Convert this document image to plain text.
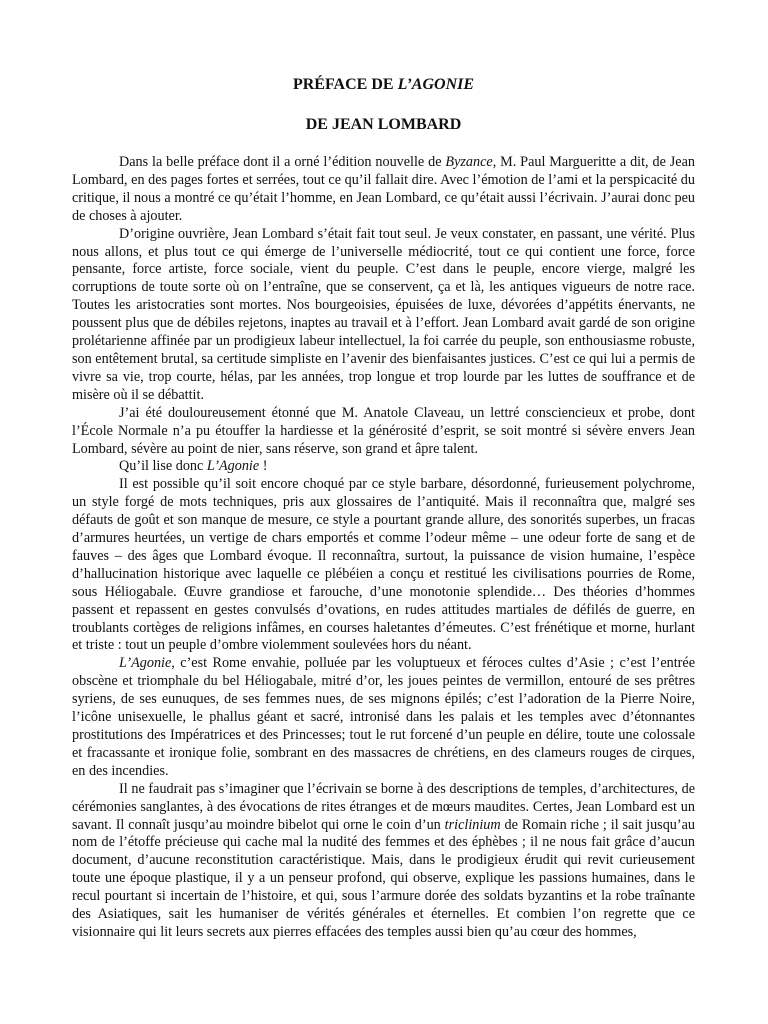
PRÉFACE DE L’AGONIE
DE JEAN LOMBARD

Dans la belle préface dont il a orné l’édition nouvelle de Byzance, M. Paul Margueritte a dit, de Jean Lombard, en des pages fortes et serrées, tout ce qu’il fallait dire. Avec l’émotion de l’ami et la perspicacité du critique, il nous a montré ce qu’était l’homme, en Jean Lombard, ce qu’était aussi l’écrivain. J’aurai donc peu de choses à ajouter.

D’origine ouvrière, Jean Lombard s’était fait tout seul. Je veux constater, en passant, une vérité. Plus nous allons, et plus tout ce qui émerge de l’universelle médiocrité, tout ce qui contient une force, force pensante, force artiste, force sociale, vient du peuple. C’est dans le peuple, encore vierge, malgré les corruptions de toute sorte où on l’entraîne, que se conservent, ça et là, les antiques vigueurs de notre race. Toutes les aristocraties sont mortes. Nos bourgeoisies, épuisées de luxe, dévorées d’appétits énervants, ne poussent plus que de débiles rejetons, inaptes au travail et à l’effort. Jean Lombard avait gardé de son origine prolétarienne affinée par un prodigieux labeur intellectuel, la foi carrée du peuple, son enthousiasme robuste, son entêtement brutal, sa certitude simpliste en l’avenir des bienfaisantes justices. C’est ce qui lui a permis de vivre sa vie, trop courte, hélas, par les années, trop longue et trop lourde par les luttes de souffrance et de misère où il se débattit.

J’ai été douloureusement étonné que M. Anatole Claveau, un lettré consciencieux et probe, dont l’École Normale n’a pu étouffer la hardiesse et la générosité d’esprit, se soit montré si sévère envers Jean Lombard, sévère au point de nier, sans réserve, son grand et âpre talent.

Qu’il lise donc L’Agonie !

Il est possible qu’il soit encore choqué par ce style barbare, désordonné, furieusement polychrome, un style forgé de mots techniques, pris aux glossaires de l’antiquité. Mais il reconnaîtra que, malgré ses défauts de goût et son manque de mesure, ce style a pourtant grande allure, des sonorités superbes, un fracas d’armures heurtées, un vertige de chars emportés et comme l’odeur même – une odeur forte de sang et de fauves – des âges que Lombard évoque. Il reconnaîtra, surtout, la puissance de vision humaine, l’espèce d’hallucination historique avec laquelle ce plébéien a conçu et restitué les civilisations pourries de Rome, sous Héliogabale. Œuvre grandiose et farouche, d’une monotonie splendide… Des théories d’hommes passent et repassent en gestes convulsés d’ovations, en rudes attitudes martiales de défilés de guerre, en troublants cortèges de religions infâmes, en courses haletantes d’émeutes. C’est frénétique et morne, hurlant et triste : tout un peuple d’ombre violemment soulevées hors du néant.

L’Agonie, c’est Rome envahie, polluée par les voluptueux et féroces cultes d’Asie ; c’est l’entrée obscène et triomphale du bel Héliogabale, mitré d’or, les joues peintes de vermillon, entouré de ses prêtres syriens, de ses eunuques, de ses femmes nues, de ses mignons épilés; c’est l’adoration de la Pierre Noire, l’icône unisexuelle, le phallus géant et sacré, intronisé dans les palais et les temples avec d’étonnantes prostitutions des Impératrices et des Princesses; tout le rut forcené d’un peuple en délire, toute une colossale et fracassante et ironique folie, sombrant en des massacres de chrétiens, en des clameurs rouges de cirques, en des incendies.

Il ne faudrait pas s’imaginer que l’écrivain se borne à des descriptions de temples, d’architectures, de cérémonies sanglantes, à des évocations de rites étranges et de mœurs maudites. Certes, Jean Lombard est un savant. Il connaît jusqu’au moindre bibelot qui orne le coin d’un triclinium de Romain riche ; il sait jusqu’au nom de l’étoffe précieuse qui cache mal la nudité des femmes et des éphèbes ; il ne nous fait grâce d’aucun document, d’aucune reconstitution caractéristique. Mais, dans le prodigieux érudit qui revit curieusement toute une époque plastique, il y a un penseur profond, qui observe, explique les passions humaines, dans le recul pourtant si incertain de l’histoire, et qui, sous l’armure dorée des soldats byzantins et la robe traînante des Asiatiques, sait les humaniser de vérités générales et éternelles. Et combien l’on regrette que ce visionnaire qui lit leurs secrets aux pierres effacées des temples aussi bien qu’au cœur des hommes,
